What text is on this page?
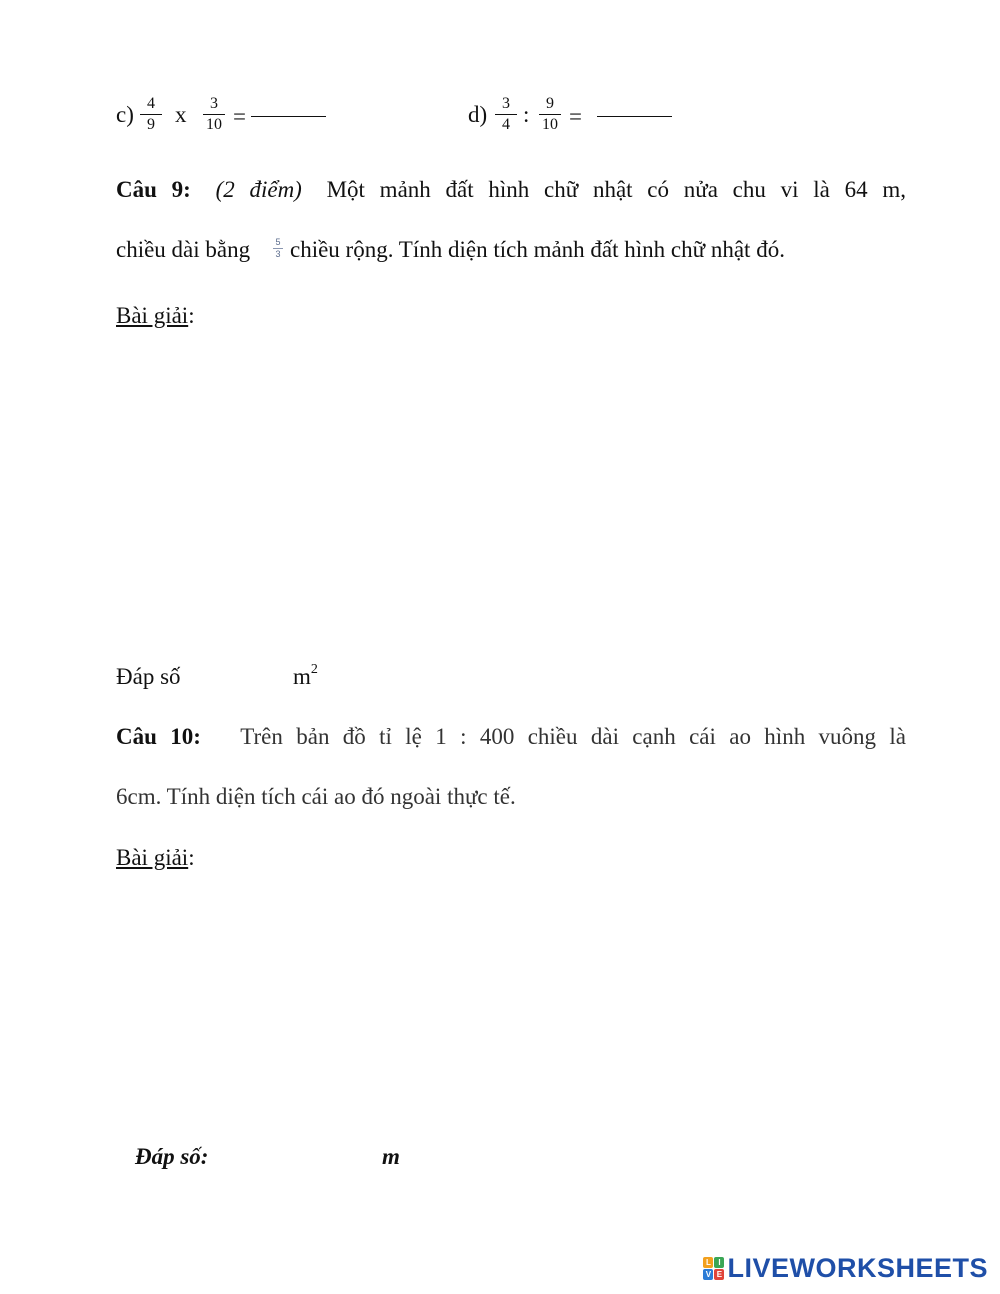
c) 4
9 x	3
10 =	d) 3
4 :	9
10 =
Câu 9: (2 điểm) Một mảnh đất hình chữ nhật có nửa chu vi là 64 m,
chiều dài bằng	5
3 chiều rộng. Tính diện tích mảnh đất hình chữ nhật đó.
Bài giải:
Đáp số	$m^2$
Câu 10: Trên bản đồ tỉ lệ 1 : 400 chiều dài cạnh cái ao hình vuông là
6cm. Tính diện tích cái ao đó ngoài thực tế.
Bài giải:
Đáp số:	m
L I
V E LIVEWORKSHEETS
